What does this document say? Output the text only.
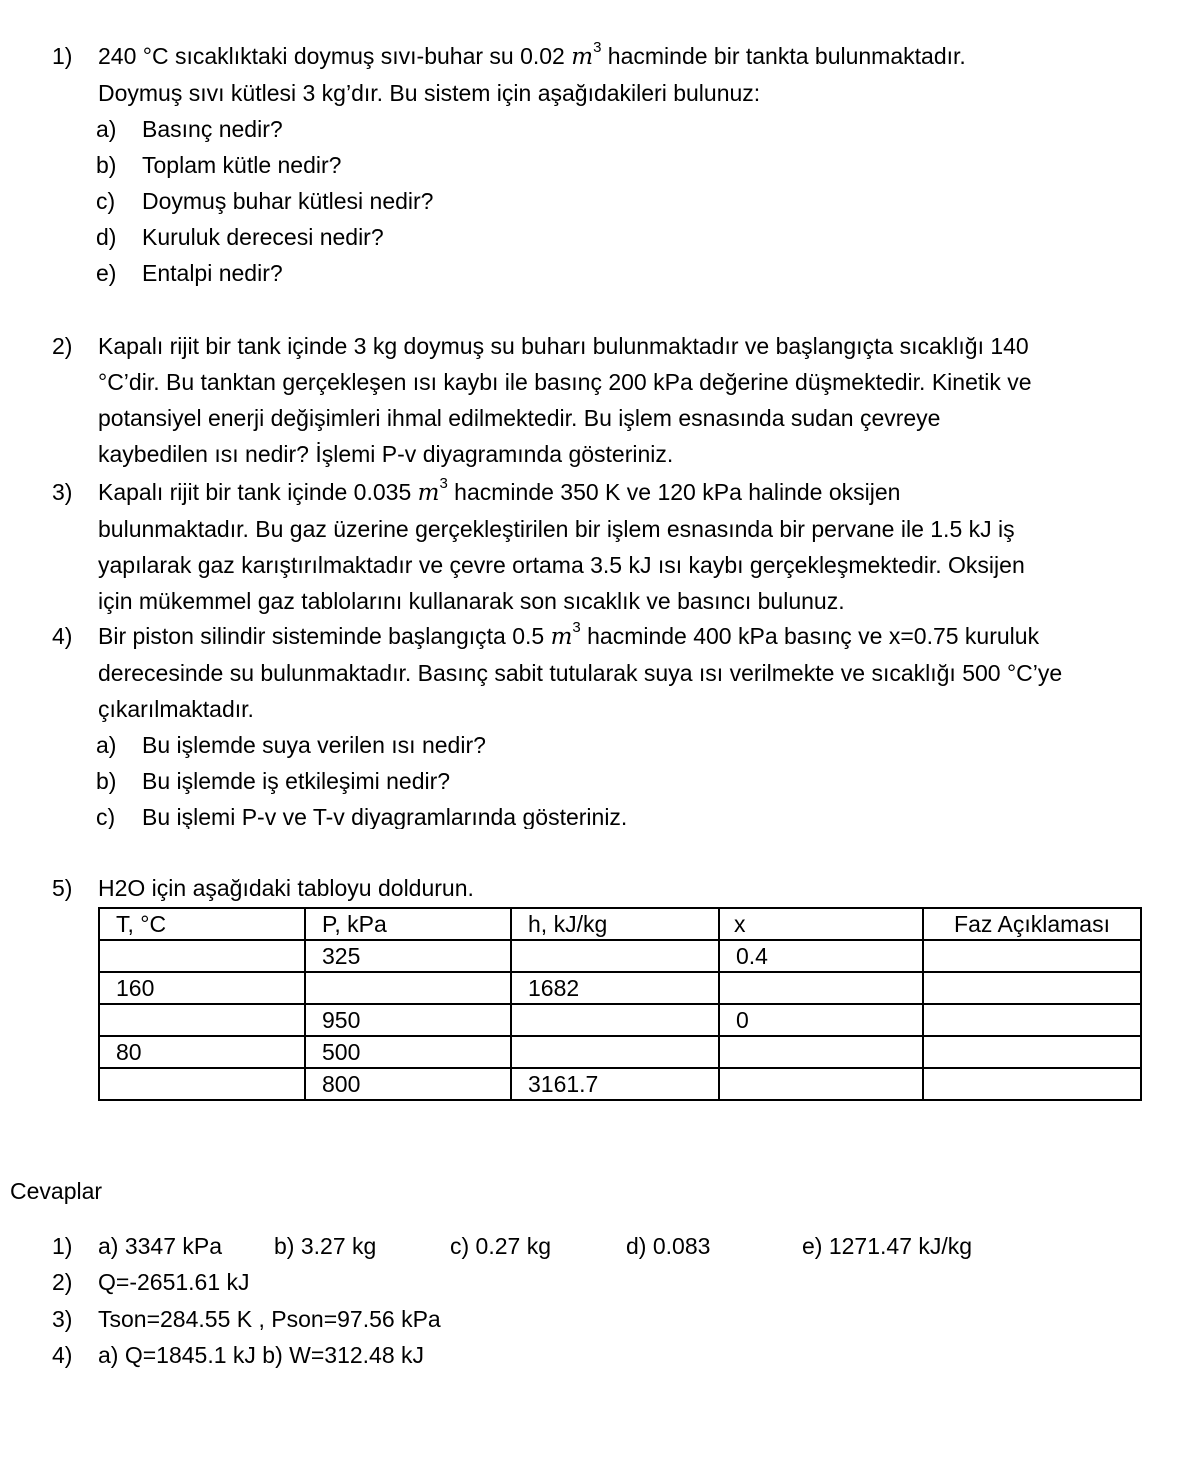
1)	240 °C sıcaklıktaki doymuş sıvı-buhar su 0.02 $m^3$ hacminde bir tankta bulunmaktadır.
Doymuş sıvı kütlesi 3 kg’dır. Bu sistem için aşağıdakileri bulunuz:
a)	Basınç nedir?
b)	Toplam kütle nedir?
c)	Doymuş buhar kütlesi nedir?
d)	Kuruluk derecesi nedir?
e)	Entalpi nedir?
2)	Kapalı rijit bir tank içinde 3 kg doymuş su buharı bulunmaktadır ve başlangıçta sıcaklığı 140
°C’dir. Bu tanktan gerçekleşen ısı kaybı ile basınç 200 kPa değerine düşmektedir. Kinetik ve
potansiyel enerji değişimleri ihmal edilmektedir. Bu işlem esnasında sudan çevreye
kaybedilen ısı nedir? İşlemi P-v diyagramında gösteriniz.
3)	Kapalı rijit bir tank içinde 0.035 $m^3$ hacminde 350 K ve 120 kPa halinde oksijen
bulunmaktadır. Bu gaz üzerine gerçekleştirilen bir işlem esnasında bir pervane ile 1.5 kJ iş
yapılarak gaz karıştırılmaktadır ve çevre ortama 3.5 kJ ısı kaybı gerçekleşmektedir. Oksijen
için mükemmel gaz tablolarını kullanarak son sıcaklık ve basıncı bulunuz.
4)	Bir piston silindir sisteminde başlangıçta 0.5 $m^3$ hacminde 400 kPa basınç ve x=0.75 kuruluk
derecesinde su bulunmaktadır. Basınç sabit tutularak suya ısı verilmekte ve sıcaklığı 500 °C’ye
çıkarılmaktadır.
a)	Bu işlemde suya verilen ısı nedir?
b)	Bu işlemde iş etkileşimi nedir?
c)	Bu işlemi P-v ve T-v diyagramlarında gösteriniz.
5)	H2O için aşağıdaki tabloyu doldurun.
T, °C	P, kPa	h, kJ/kg	x	Faz Açıklaması
	325		0.4	
160		1682		
	950		0	
80	500			
	800	3161.7		
Cevaplar
1)	a) 3347 kPa b) 3.27 kg	c) 0.27 kg	d) 0.083	e) 1271.47 kJ/kg
2)	Q=-2651.61 kJ
3)	Tson=284.55 K , Pson=97.56 kPa
4)	a) Q=1845.1 kJ b) W=312.48 kJ
